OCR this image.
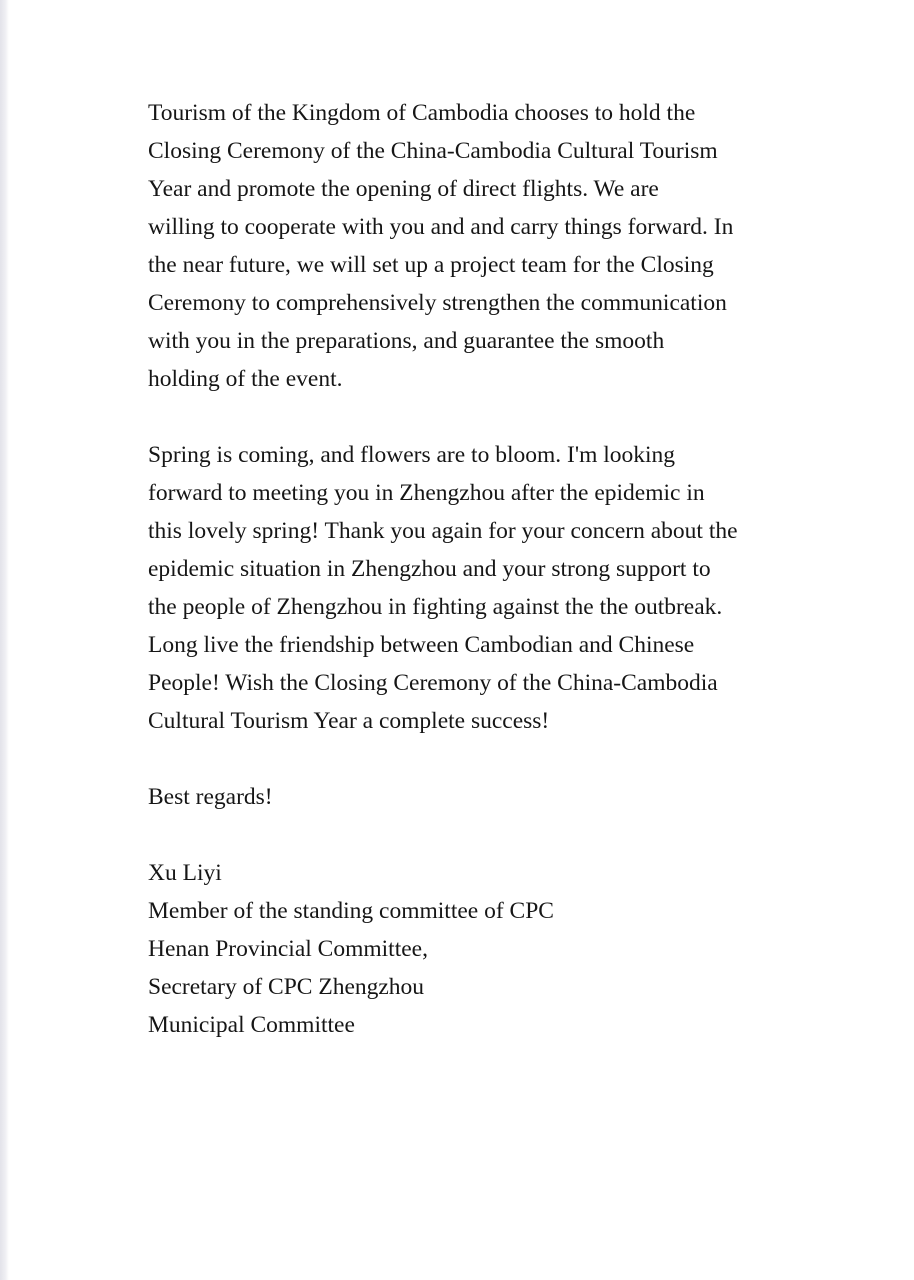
Tourism of the Kingdom of Cambodia chooses to hold the
Closing Ceremony of the China-Cambodia Cultural Tourism
Year and promote the opening of direct flights. We are
willing to cooperate with you and and carry things forward. In
the near future, we will set up a project team for the Closing
Ceremony to comprehensively strengthen the communication
with you in the preparations, and guarantee the smooth
holding of the event.

Spring is coming, and flowers are to bloom. I'm looking
forward to meeting you in Zhengzhou after the epidemic in
this lovely spring! Thank you again for your concern about the
epidemic situation in Zhengzhou and your strong support to
the people of Zhengzhou in fighting against the the outbreak.
Long live the friendship between Cambodian and Chinese
People! Wish the Closing Ceremony of the China-Cambodia
Cultural Tourism Year a complete success!

Best regards!

Xu Liyi
Member of the standing committee of CPC
Henan Provincial Committee,
Secretary of CPC Zhengzhou
Municipal Committee
